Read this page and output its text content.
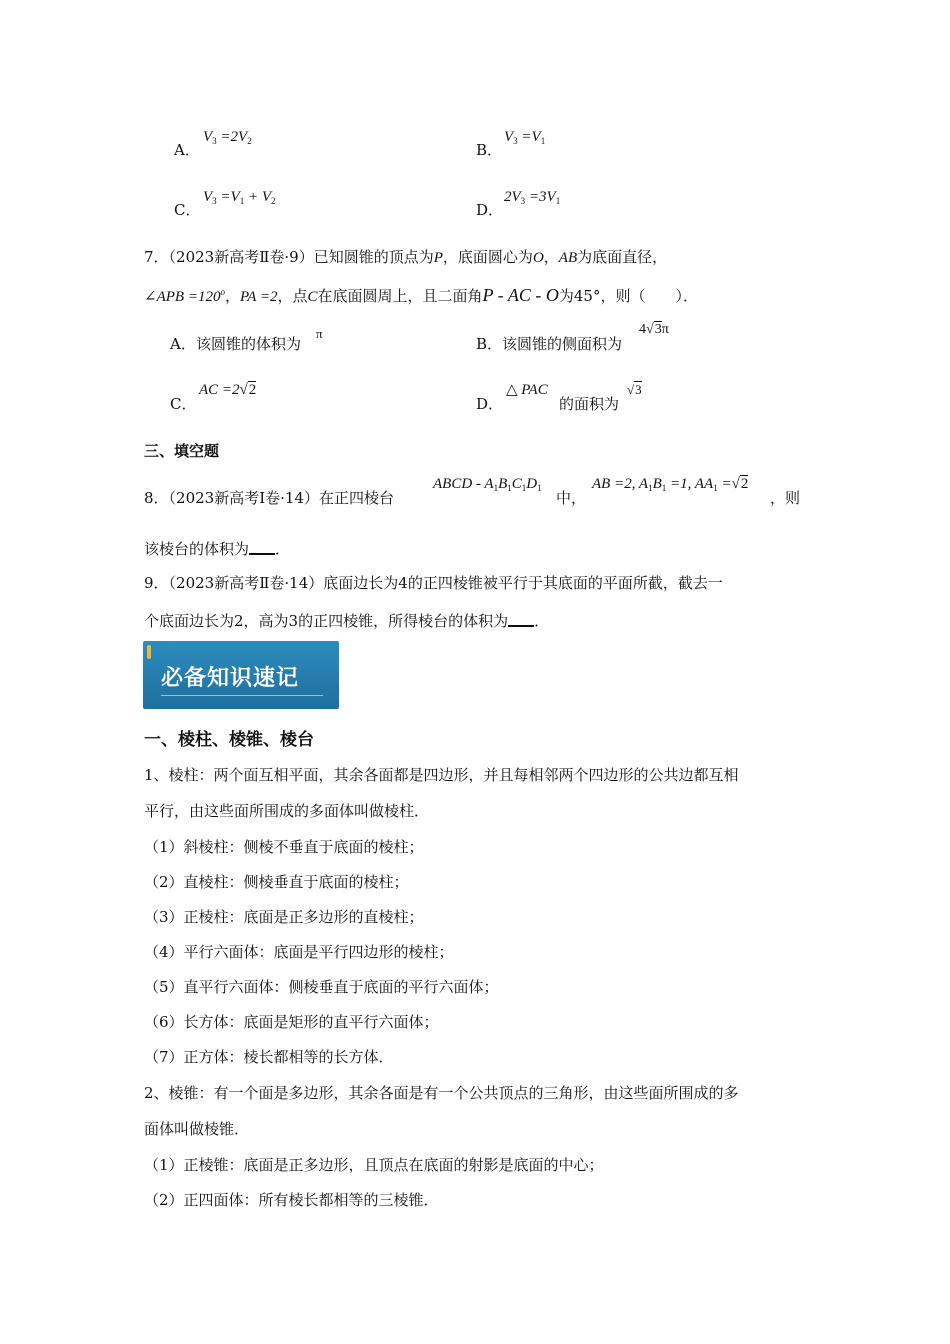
A．
$V_3 =2V_2$	B．
$V_3 =V_1$
C．
$V_3 =V_1 + V_2$	D．
$2V_3 =3V_1$
7．（2023新高考Ⅱ卷·9）已知圆锥的顶点为P，底面圆心为O，AB为底面直径，
∠APB $=120^o$，PA =2，点C在底面圆周上，且二面角P - AC - O为45°，则（　　）．
A． 该圆锥的体积为
π
B． 该圆锥的侧面积为
4√3π
C．
AC =2√2
D．
△ PAC
的面积为
√3
三、填空题
8．（2023新高考Ⅰ卷·14）在正四棱台
ABCD - $A_1B_1C_1D_1$
中，
AB =2, $A_1B_1 =1$, $AA_1 =√2$
，则
该棱台的体积为 ．
9．（2023新高考Ⅱ卷·14）底面边长为4的正四棱锥被平行于其底面的平面所截，截去一
个底面边长为2，高为3的正四棱锥，所得棱台的体积为 ．
必备知识速记
一、棱柱、棱锥、棱台
1、棱柱：两个面互相平面，其余各面都是四边形，并且每相邻两个四边形的公共边都互相
平行，由这些面所围成的多面体叫做棱柱．
（1）斜棱柱：侧棱不垂直于底面的棱柱；
（2）直棱柱：侧棱垂直于底面的棱柱；
（3）正棱柱：底面是正多边形的直棱柱；
（4）平行六面体：底面是平行四边形的棱柱；
（5）直平行六面体：侧棱垂直于底面的平行六面体；
（6）长方体：底面是矩形的直平行六面体；
（7）正方体：棱长都相等的长方体．
2、棱锥：有一个面是多边形，其余各面是有一个公共顶点的三角形，由这些面所围成的多
面体叫做棱锥．
（1）正棱锥：底面是正多边形，且顶点在底面的射影是底面的中心；
（2）正四面体：所有棱长都相等的三棱锥．
